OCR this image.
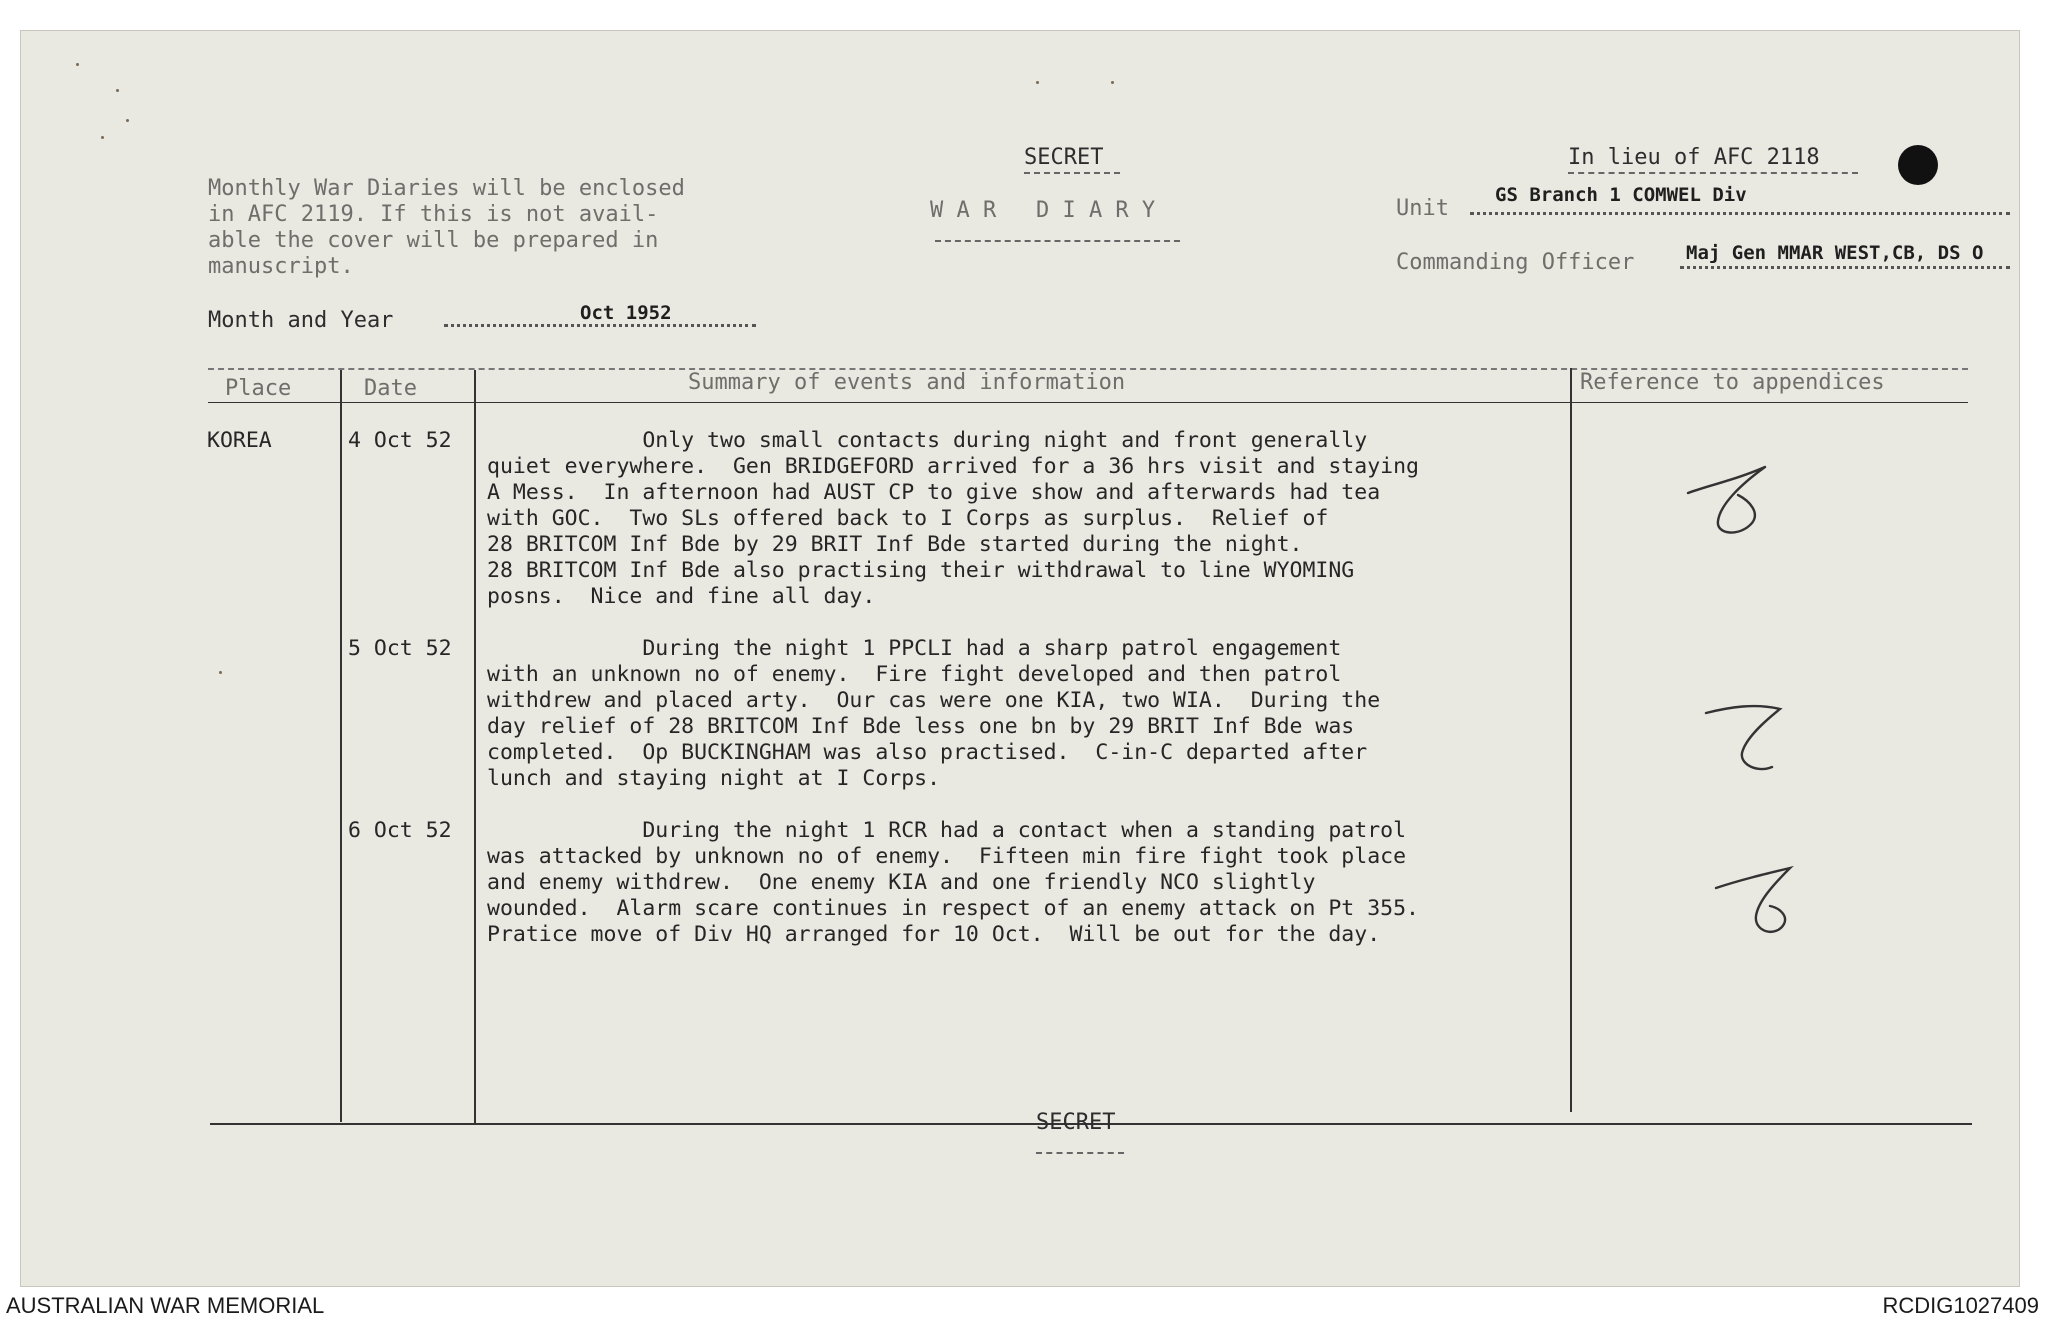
Monthly War Diaries will be enclosed
in AFC 2119. If this is not avail-
able the cover will be prepared in
manuscript.
Month and Year	Oct 1952
SECRET
W A R   D I A R Y
In lieu of AFC 2118
Unit
GS Branch 1 COMWEL Div
Commanding Officer	Maj Gen MMAR WEST,CB, DS O
Place	Date	Summary of events and information	Reference to appendices
KOREA	4 Oct 52 Only two small contacts during night and front generally
quiet everywhere.  Gen BRIDGEFORD arrived for a 36 hrs visit and staying
A Mess.  In afternoon had AUST CP to give show and afterwards had tea
with GOC.  Two SLs offered back to I Corps as surplus.  Relief of
28 BRITCOM Inf Bde by 29 BRIT Inf Bde started during the night.
28 BRITCOM Inf Bde also practising their withdrawal to line WYOMING
posns.  Nice and fine all day.
5 Oct 52 During the night 1 PPCLI had a sharp patrol engagement
with an unknown no of enemy.  Fire fight developed and then patrol
withdrew and placed arty.  Our cas were one KIA, two WIA.  During the
day relief of 28 BRITCOM Inf Bde less one bn by 29 BRIT Inf Bde was
completed.  Op BUCKINGHAM was also practised.  C-in-C departed after
lunch and staying night at I Corps.
6 Oct 52 During the night 1 RCR had a contact when a standing patrol
was attacked by unknown no of enemy.  Fifteen min fire fight took place
and enemy withdrew.  One enemy KIA and one friendly NCO slightly
wounded.  Alarm scare continues in respect of an enemy attack on Pt 355.
Pratice move of Div HQ arranged for 10 Oct.  Will be out for the day.
SECRET
AUSTRALIAN WAR MEMORIAL	RCDIG1027409
